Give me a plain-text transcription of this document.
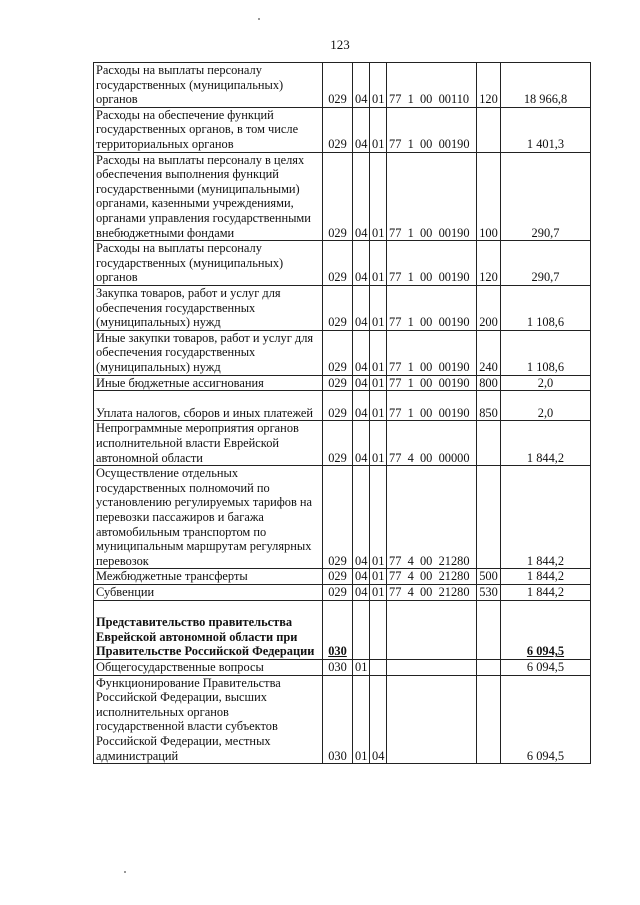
123
Расходы на выплаты персоналу государственных (муниципальных) органов	029	04	01	77  1  00  00110	120	18 966,8
Расходы на обеспечение функций государственных органов, в том числе территориальных органов	029	04	01	77  1  00  00190		1 401,3
Расходы на выплаты персоналу в целях обеспечения выполнения функций государственными (муниципальными) органами, казенными учреждениями, органами управления государственными внебюджетными фондами	029	04	01	77  1  00  00190	100	290,7
Расходы на выплаты персоналу государственных (муниципальных) органов	029	04	01	77  1  00  00190	120	290,7
Закупка товаров, работ и услуг для обеспечения государственных (муниципальных) нужд	029	04	01	77  1  00  00190	200	1 108,6
Иные закупки товаров, работ и услуг для обеспечения государственных (муниципальных) нужд	029	04	01	77  1  00  00190	240	1 108,6
Иные бюджетные ассигнования	029	04	01	77  1  00  00190	800	2,0
Уплата налогов, сборов и иных платежей	029	04	01	77  1  00  00190	850	2,0
Непрограммные мероприятия органов исполнительной власти Еврейской автономной области	029	04	01	77  4  00  00000		1 844,2
Осуществление отдельных государственных полномочий по установлению регулируемых тарифов на перевозки пассажиров и багажа автомобильным транспортом по муниципальным маршрутам регулярных перевозок	029	04	01	77  4  00  21280		1 844,2
Межбюджетные трансферты	029	04	01	77  4  00  21280	500	1 844,2
Субвенции	029	04	01	77  4  00  21280	530	1 844,2
Представительство правительства Еврейской автономной области при Правительстве Российской Федерации	030					6 094,5
Общегосударственные вопросы	030	01				6 094,5
Функционирование Правительства Российской Федерации, высших исполнительных органов государственной власти субъектов Российской Федерации, местных администраций	030	01	04			6 094,5
